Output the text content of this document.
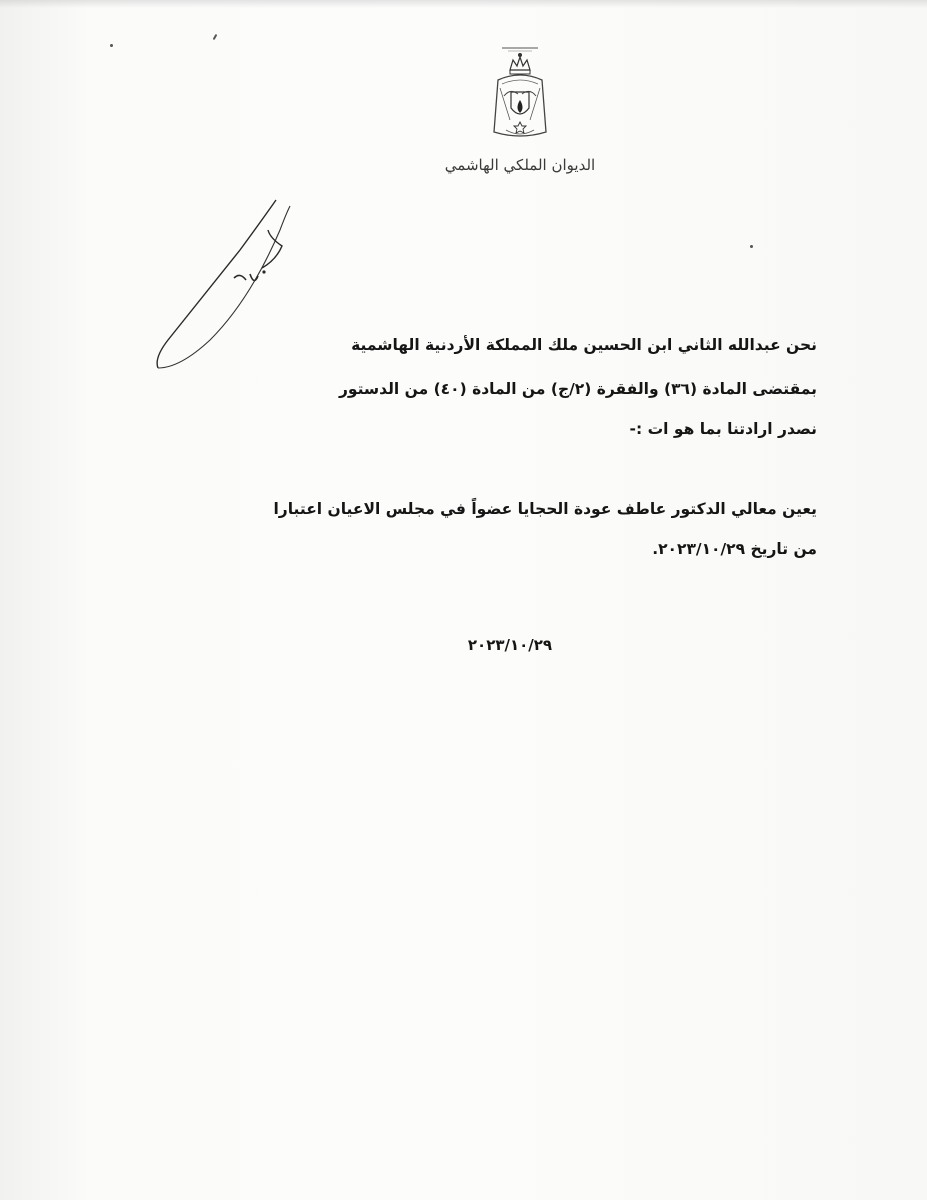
الديوان الملكي الهاشمي
نحن عبدالله الثاني ابن الحسين ملك المملكة الأردنية الهاشمية
بمقتضى المادة (٣٦) والفقرة (٢/ج) من المادة (٤٠) من الدستور
نصدر ارادتنا بما هو ات :-
يعين معالي الدكتور عاطف عودة الحجايا عضواً في مجلس الاعيان اعتبارا
من تاريخ ٢٠٢٣/١٠/٢٩.
٢٠٢٣/١٠/٢٩
